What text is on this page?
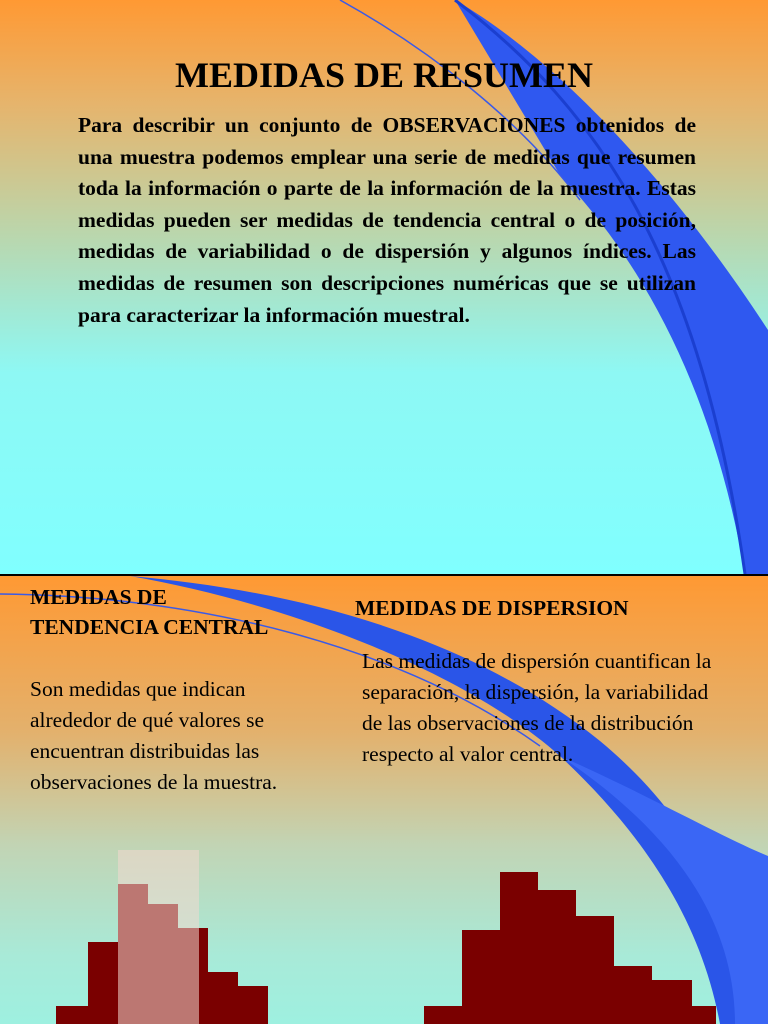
MEDIDAS DE RESUMEN

Para describir un conjunto de OBSERVACIONES obtenidos de una muestra podemos emplear una serie de medidas que resumen toda la información o parte de la información de la muestra. Estas medidas pueden ser medidas de tendencia central o de posición, medidas de variabilidad o de dispersión y algunos índices. Las medidas de resumen son descripciones numéricas que se utilizan para caracterizar la información muestral.

MEDIDAS DE TENDENCIA CENTRAL

Son medidas que indican alrededor de qué valores se encuentran distribuidas las observaciones de la muestra.

MEDIDAS DE DISPERSION

Las medidas de dispersión cuantifican la separación, la dispersión, la variabilidad de las observaciones de la distribución respecto al valor central.
